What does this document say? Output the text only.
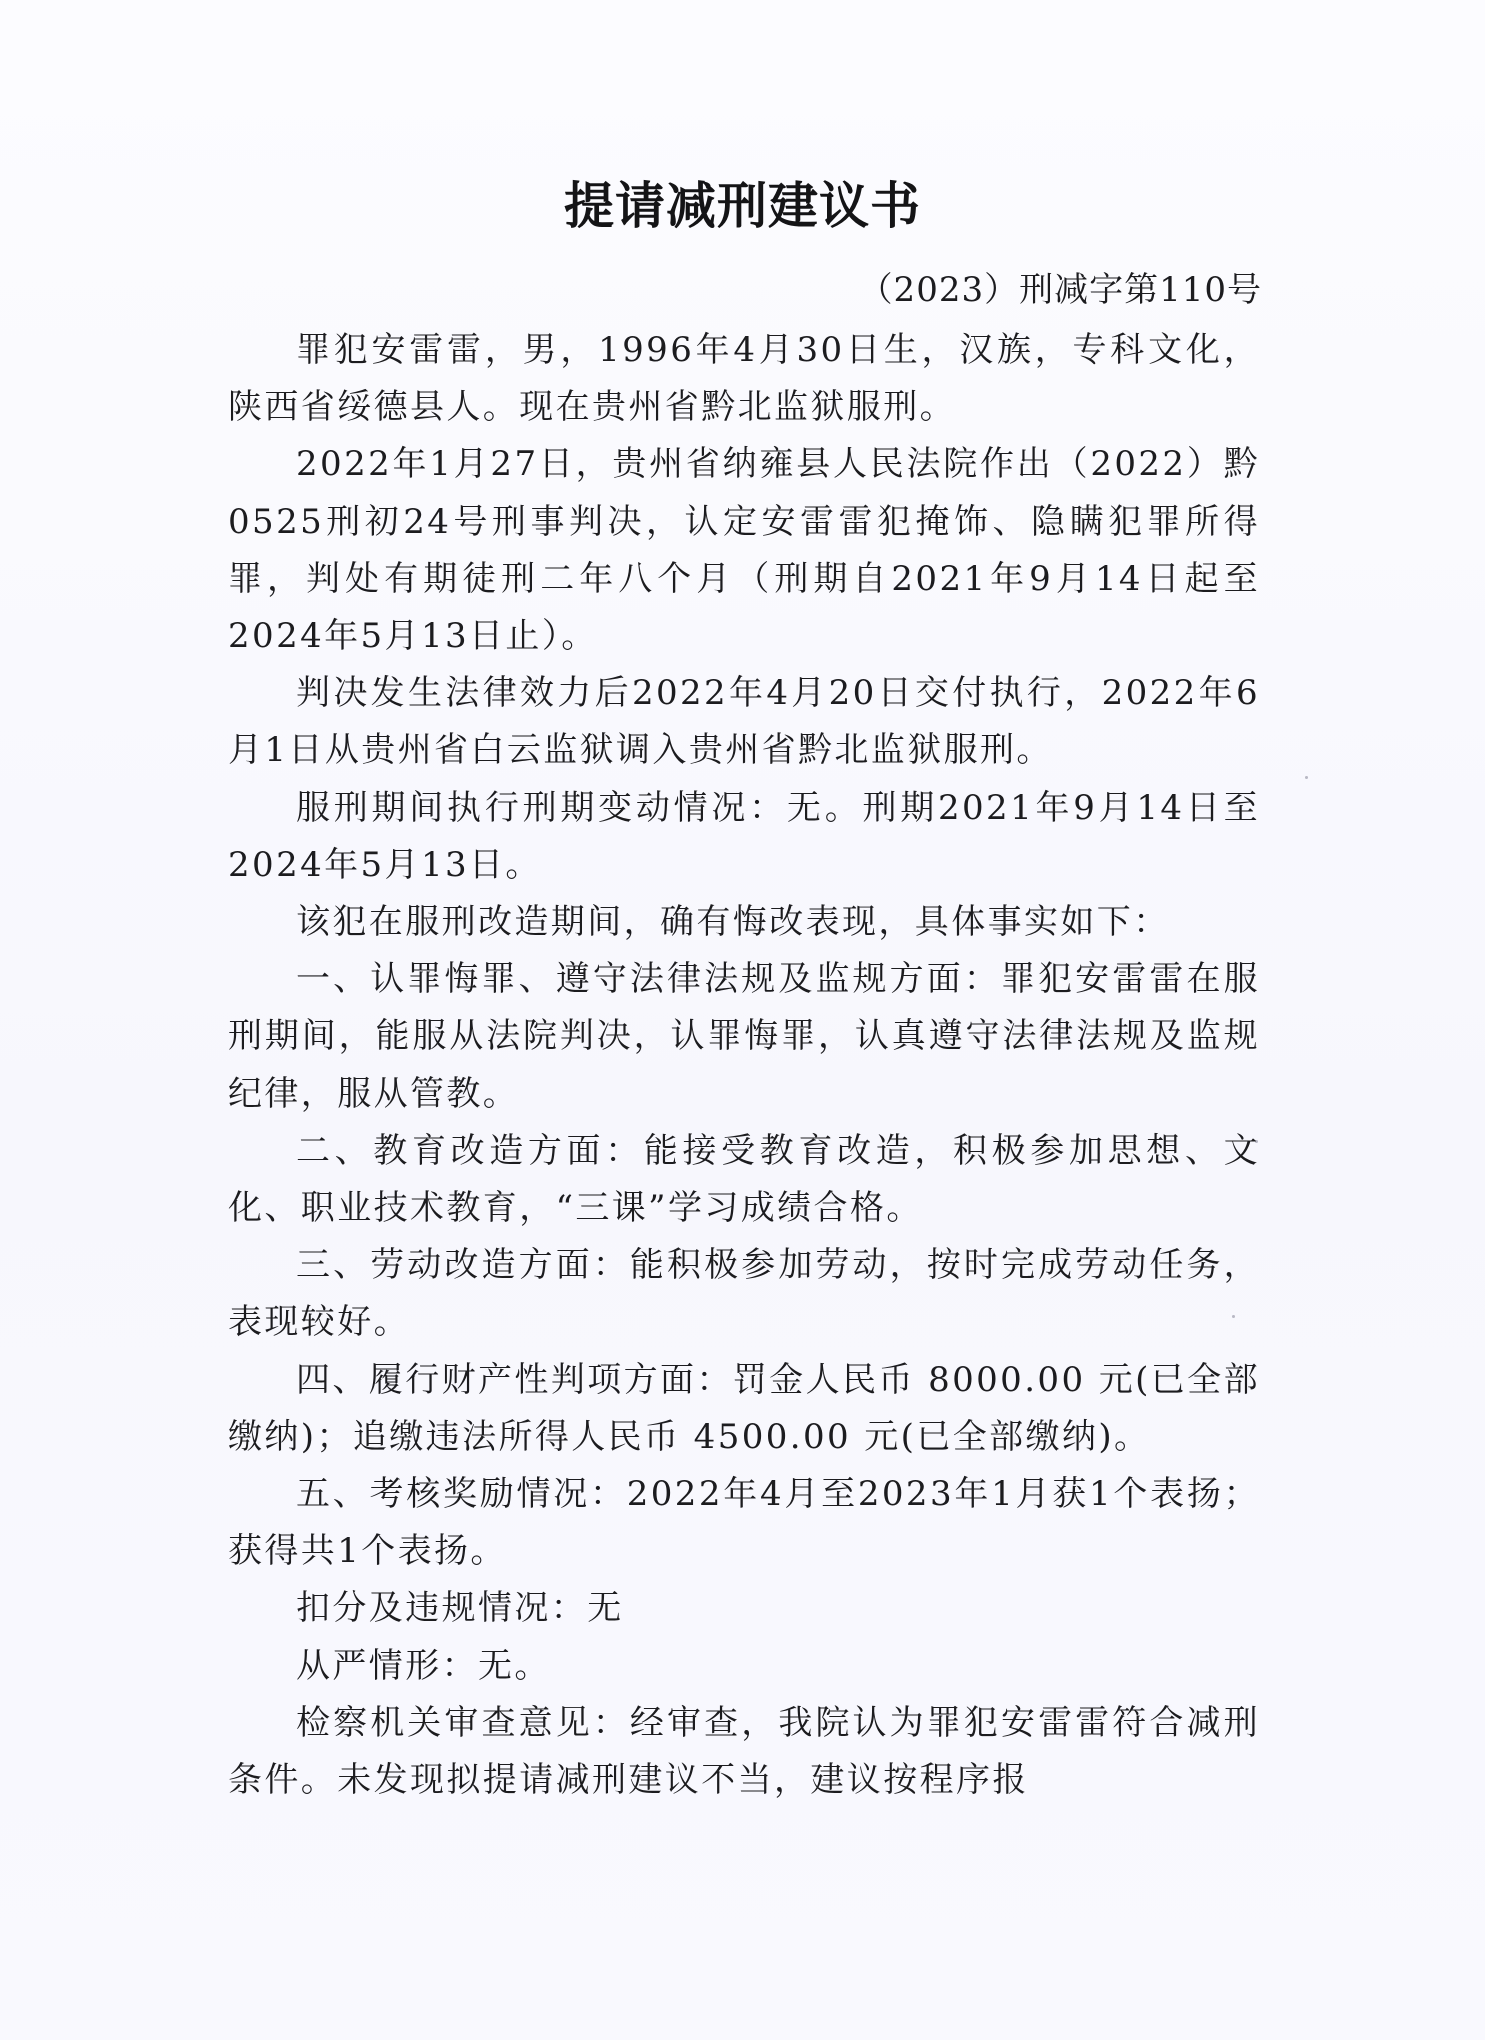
提请减刑建议书
（2023）刑减字第110号

罪犯安雷雷，男，1996年4月30日生，汉族，专科文化，陕西省绥德县人。现在贵州省黔北监狱服刑。

2022年1月27日，贵州省纳雍县人民法院作出（2022）黔0525刑初24号刑事判决，认定安雷雷犯掩饰、隐瞒犯罪所得罪，判处有期徒刑二年八个月（刑期自2021年9月14日起至2024年5月13日止）。

判决发生法律效力后2022年4月20日交付执行，2022年6月1日从贵州省白云监狱调入贵州省黔北监狱服刑。

服刑期间执行刑期变动情况：无。刑期2021年9月14日至2024年5月13日。

该犯在服刑改造期间，确有悔改表现，具体事实如下：

一、认罪悔罪、遵守法律法规及监规方面：罪犯安雷雷在服刑期间，能服从法院判决，认罪悔罪，认真遵守法律法规及监规纪律，服从管教。

二、教育改造方面：能接受教育改造，积极参加思想、文化、职业技术教育，“三课”学习成绩合格。

三、劳动改造方面：能积极参加劳动，按时完成劳动任务，表现较好。

四、履行财产性判项方面：罚金人民币 8000.00 元(已全部缴纳)；追缴违法所得人民币 4500.00 元(已全部缴纳)。

五、考核奖励情况：2022年4月至2023年1月获1个表扬；获得共1个表扬。

扣分及违规情况：无

从严情形：无。

检察机关审查意见：经审查，我院认为罪犯安雷雷符合减刑条件。未发现拟提请减刑建议不当，建议按程序报
